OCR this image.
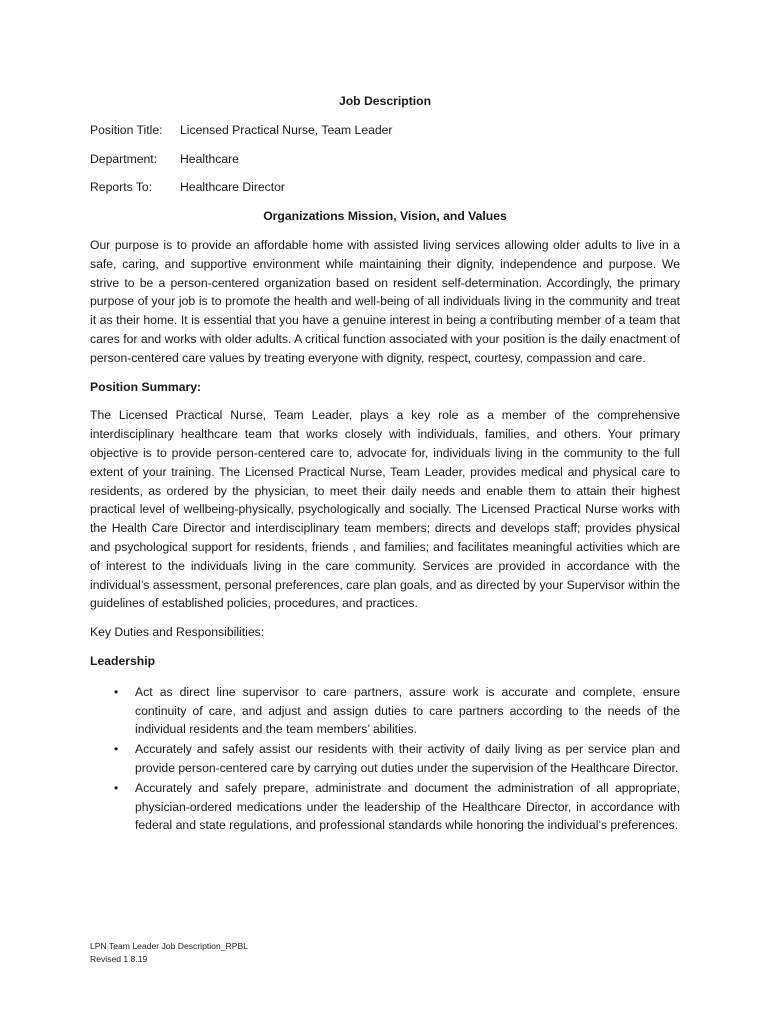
Job Description
Position Title:	Licensed Practical Nurse, Team Leader
Department:	Healthcare
Reports To:	Healthcare Director
Organizations Mission, Vision, and Values

Our purpose is to provide an affordable home with assisted living services allowing older adults to live in a safe, caring, and supportive environment while maintaining their dignity, independence and purpose. We strive to be a person-centered organization based on resident self-determination. Accordingly, the primary purpose of your job is to promote the health and well-being of all individuals living in the community and treat it as their home. It is essential that you have a genuine interest in being a contributing member of a team that cares for and works with older adults. A critical function associated with your position is the daily enactment of person-centered care values by treating everyone with dignity, respect, courtesy, compassion and care.

Position Summary:

The Licensed Practical Nurse, Team Leader, plays a key role as a member of the comprehensive interdisciplinary healthcare team that works closely with individuals, families, and others. Your primary objective is to provide person-centered care to, advocate for, individuals living in the community to the full extent of your training. The Licensed Practical Nurse, Team Leader, provides medical and physical care to residents, as ordered by the physician, to meet their daily needs and enable them to attain their highest practical level of wellbeing-physically, psychologically and socially. The Licensed Practical Nurse works with the Health Care Director and interdisciplinary team members; directs and develops staff; provides physical and psychological support for residents, friends , and families; and facilitates meaningful activities which are of interest to the individuals living in the care community. Services are provided in accordance with the individual’s assessment, personal preferences, care plan goals, and as directed by your Supervisor within the guidelines of established policies, procedures, and practices.

Key Duties and Responsibilities:
Leadership
• Act as direct line supervisor to care partners, assure work is accurate and complete, ensure continuity of care, and adjust and assign duties to care partners according to the needs of the individual residents and the team members’ abilities.
• Accurately and safely assist our residents with their activity of daily living as per service plan and provide person-centered care by carrying out duties under the supervision of the Healthcare Director.
• Accurately and safely prepare, administrate and document the administration of all appropriate, physician-ordered medications under the leadership of the Healthcare Director, in accordance with federal and state regulations, and professional standards while honoring the individual’s preferences.
LPN Team Leader Job Description_RPBL
Revised 1.8.19
